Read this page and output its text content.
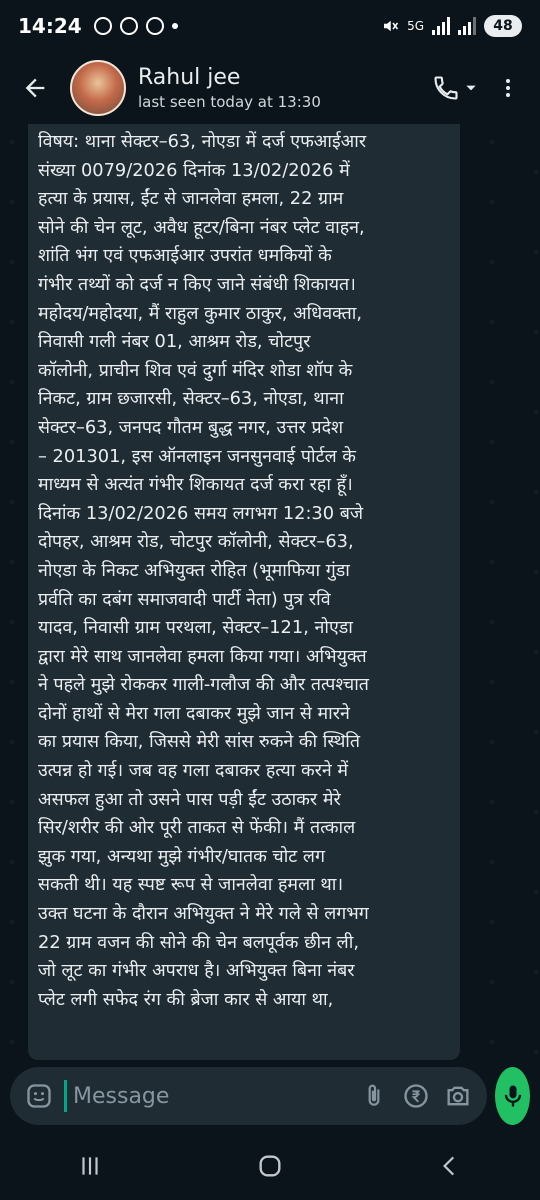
14:24	5G	48
Rahul jee
last seen today at 13:30
विषय: थाना सेक्टर–63, नोएडा में दर्ज एफआईआर
संख्या 0079/2026 दिनांक 13/02/2026 में
हत्या के प्रयास, ईंट से जानलेवा हमला, 22 ग्राम
सोने की चेन लूट, अवैध हूटर/बिना नंबर प्लेट वाहन,
शांति भंग एवं एफआईआर उपरांत धमकियों के
गंभीर तथ्यों को दर्ज न किए जाने संबंधी शिकायत।
महोदय/महोदया, मैं राहुल कुमार ठाकुर, अधिवक्ता,
निवासी गली नंबर 01, आश्रम रोड, चोटपुर
कॉलोनी, प्राचीन शिव एवं दुर्गा मंदिर शोडा शॉप के
निकट, ग्राम छजारसी, सेक्टर–63, नोएडा, थाना
सेक्टर–63, जनपद गौतम बुद्ध नगर, उत्तर प्रदेश
– 201301, इस ऑनलाइन जनसुनवाई पोर्टल के
माध्यम से अत्यंत गंभीर शिकायत दर्ज करा रहा हूँ।
दिनांक 13/02/2026 समय लगभग 12:30 बजे
दोपहर, आश्रम रोड, चोटपुर कॉलोनी, सेक्टर–63,
नोएडा के निकट अभियुक्त रोहित (भूमाफिया गुंडा
प्रर्वति का दबंग समाजवादी पार्टी नेता) पुत्र रवि
यादव, निवासी ग्राम परथला, सेक्टर–121, नोएडा
द्वारा मेरे साथ जानलेवा हमला किया गया। अभियुक्त
ने पहले मुझे रोककर गाली-गलौज की और तत्पश्चात
दोनों हाथों से मेरा गला दबाकर मुझे जान से मारने
का प्रयास किया, जिससे मेरी सांस रुकने की स्थिति
उत्पन्न हो गई। जब वह गला दबाकर हत्या करने में
असफल हुआ तो उसने पास पड़ी ईंट उठाकर मेरे
सिर/शरीर की ओर पूरी ताकत से फेंकी। मैं तत्काल
झुक गया, अन्यथा मुझे गंभीर/घातक चोट लग
सकती थी। यह स्पष्ट रूप से जानलेवा हमला था।
उक्त घटना के दौरान अभियुक्त ने मेरे गले से लगभग
22 ग्राम वजन की सोने की चेन बलपूर्वक छीन ली,
जो लूट का गंभीर अपराध है। अभियुक्त बिना नंबर
प्लेट लगी सफेद रंग की ब्रेजा कार से आया था,
Message
